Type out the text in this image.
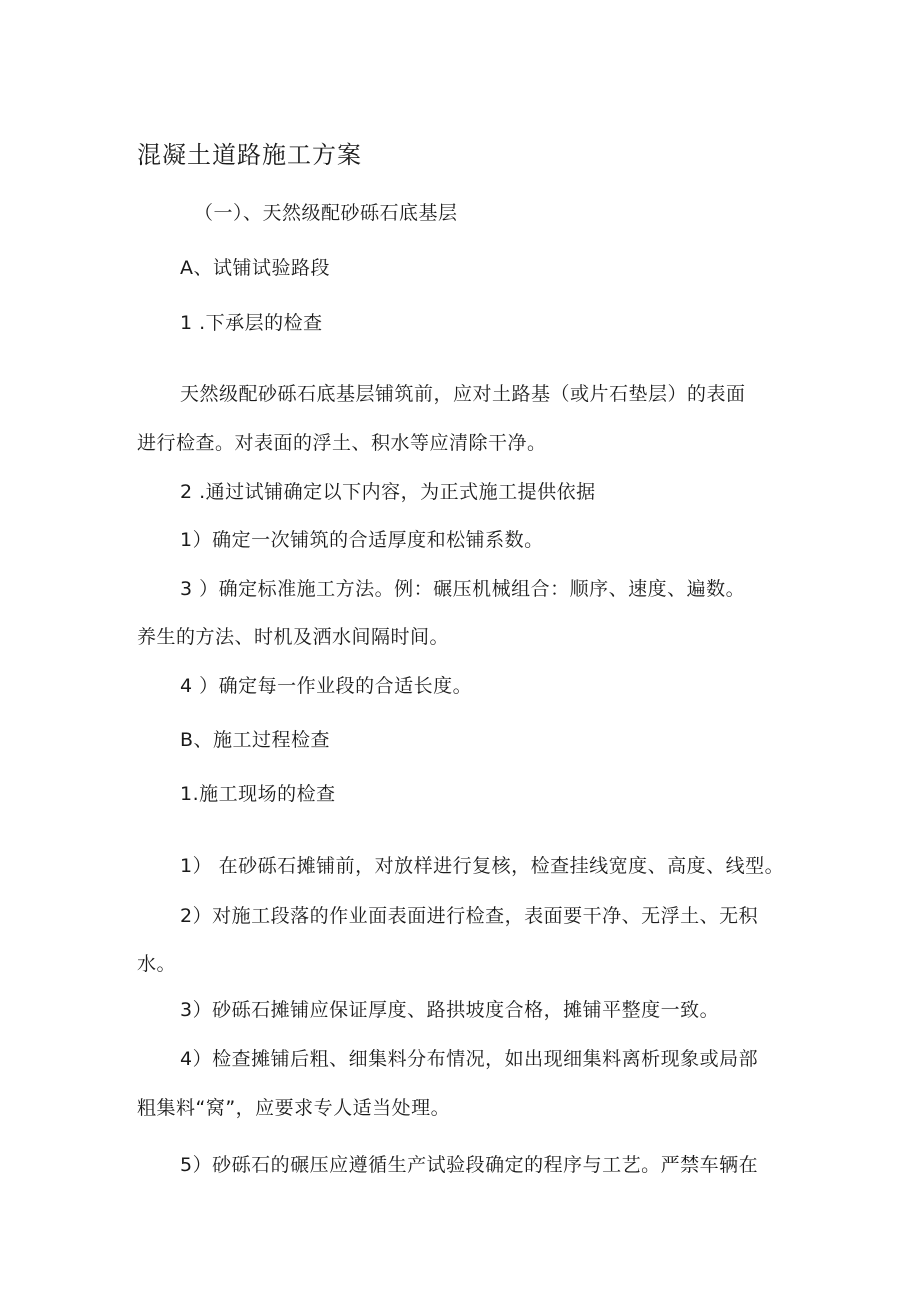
混凝土道路施工方案
（一）、天然级配砂砾石底基层
A、试铺试验路段
1 .下承层的检查
天然级配砂砾石底基层铺筑前，应对土路基（或片石垫层）的表面
进行检查。对表面的浮土、积水等应清除干净。
2 .通过试铺确定以下内容，为正式施工提供依据
1）确定一次铺筑的合适厚度和松铺系数。
3 ）确定标准施工方法。例：碾压机械组合：顺序、速度、遍数。
养生的方法、时机及洒水间隔时间。
4 ）确定每一作业段的合适长度。
B、施工过程检查
1.施工现场的检查
1） 在砂砾石摊铺前，对放样进行复核，检查挂线宽度、高度、线型。
2）对施工段落的作业面表面进行检查，表面要干净、无浮土、无积
水。
3）砂砾石摊铺应保证厚度、路拱坡度合格，摊铺平整度一致。
4）检查摊铺后粗、细集料分布情况，如出现细集料离析现象或局部
粗集料“窝”，应要求专人适当处理。
5）砂砾石的碾压应遵循生产试验段确定的程序与工艺。严禁车辆在
